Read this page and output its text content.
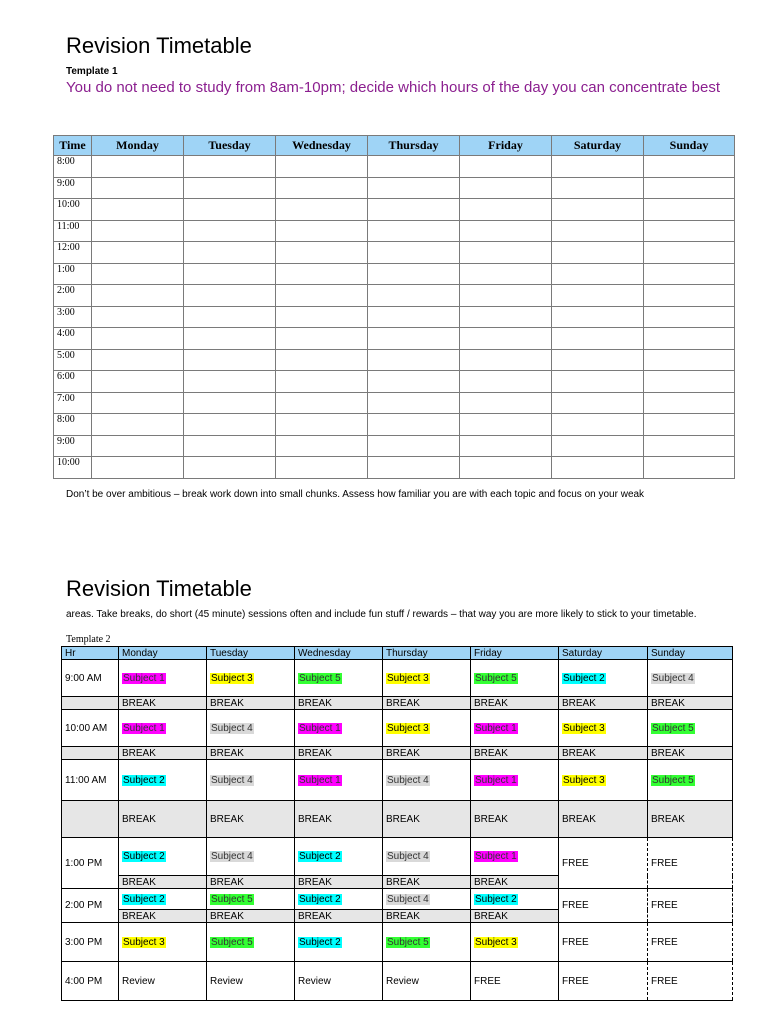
Revision Timetable
Template 1
You do not need to study from 8am-10pm; decide which hours of the day you can concentrate best
Time	Monday	Tuesday	Wednesday	Thursday	Friday	Saturday	Sunday
8:00							
9:00							
10:00							
11:00							
12:00							
1:00							
2:00							
3:00							
4:00							
5:00							
6:00							
7:00							
8:00							
9:00							
10:00							
Don’t be over ambitious – break work down into small chunks. Assess how familiar you are with each topic and focus on your weak
Revision Timetable
areas. Take breaks, do short (45 minute) sessions often and include fun stuff / rewards – that way you are more likely to stick to your timetable.
Template 2
Hr	Monday	Tuesday	Wednesday	Thursday	Friday	Saturday	Sunday
9:00 AM	Subject 1	Subject 3	Subject 5	Subject 3	Subject 5	Subject 2	Subject 4
	BREAK	BREAK	BREAK	BREAK	BREAK	BREAK	BREAK
10:00 AM	Subject 1	Subject 4	Subject 1	Subject 3	Subject 1	Subject 3	Subject 5
	BREAK	BREAK	BREAK	BREAK	BREAK	BREAK	BREAK
11:00 AM	Subject 2	Subject 4	Subject 1	Subject 4	Subject 1	Subject 3	Subject 5
	BREAK	BREAK	BREAK	BREAK	BREAK	BREAK	BREAK
1:00 PM	Subject 2	Subject 4	Subject 2	Subject 4	Subject 1	FREE	FREE
	BREAK	BREAK	BREAK	BREAK	BREAK		
2:00 PM	Subject 2	Subject 5	Subject 2	Subject 4	Subject 2	FREE	FREE
	BREAK	BREAK	BREAK	BREAK	BREAK		
3:00 PM	Subject 3	Subject 5	Subject 2	Subject 5	Subject 3	FREE	FREE
4:00 PM	Review	Review	Review	Review	FREE	FREE	FREE
